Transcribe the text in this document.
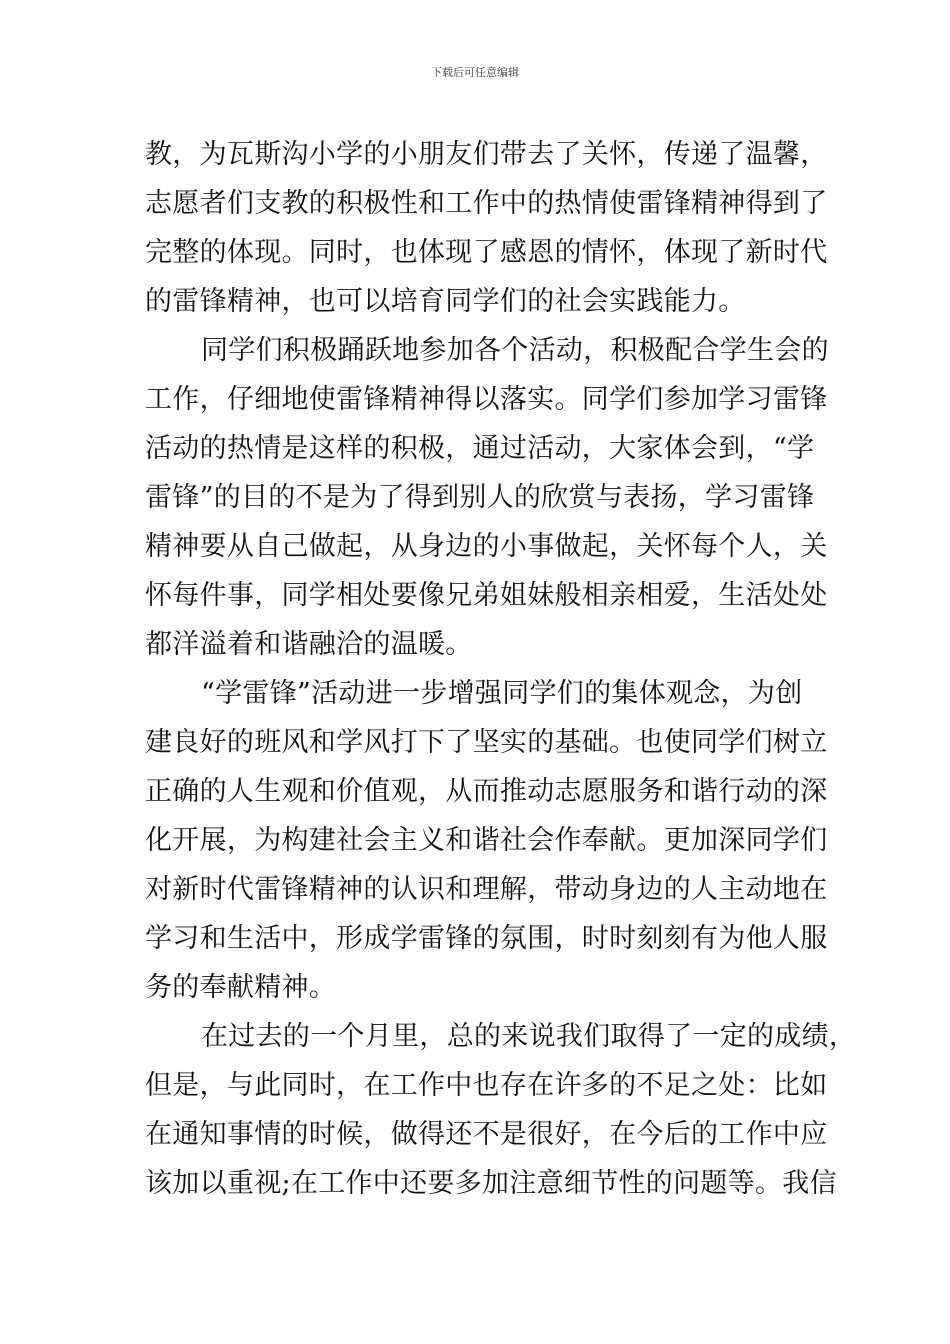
下载后可任意编辑
教，为瓦斯沟小学的小朋友们带去了关怀，传递了温馨，
志愿者们支教的积极性和工作中的热情使雷锋精神得到了
完整的体现。同时，也体现了感恩的情怀，体现了新时代
的雷锋精神，也可以培育同学们的社会实践能力。
同学们积极踊跃地参加各个活动，积极配合学生会的
工作，仔细地使雷锋精神得以落实。同学们参加学习雷锋
活动的热情是这样的积极，通过活动，大家体会到，“学
雷锋”的目的不是为了得到别人的欣赏与表扬，学习雷锋
精神要从自己做起，从身边的小事做起，关怀每个人，关
怀每件事，同学相处要像兄弟姐妹般相亲相爱，生活处处
都洋溢着和谐融洽的温暖。
“学雷锋”活动进一步增强同学们的集体观念，为创
建良好的班风和学风打下了坚实的基础。也使同学们树立
正确的人生观和价值观，从而推动志愿服务和谐行动的深
化开展，为构建社会主义和谐社会作奉献。更加深同学们
对新时代雷锋精神的认识和理解，带动身边的人主动地在
学习和生活中，形成学雷锋的氛围，时时刻刻有为他人服
务的奉献精神。
在过去的一个月里，总的来说我们取得了一定的成绩，
但是，与此同时，在工作中也存在许多的不足之处：比如
在通知事情的时候，做得还不是很好，在今后的工作中应
该加以重视;在工作中还要多加注意细节性的问题等。我信
